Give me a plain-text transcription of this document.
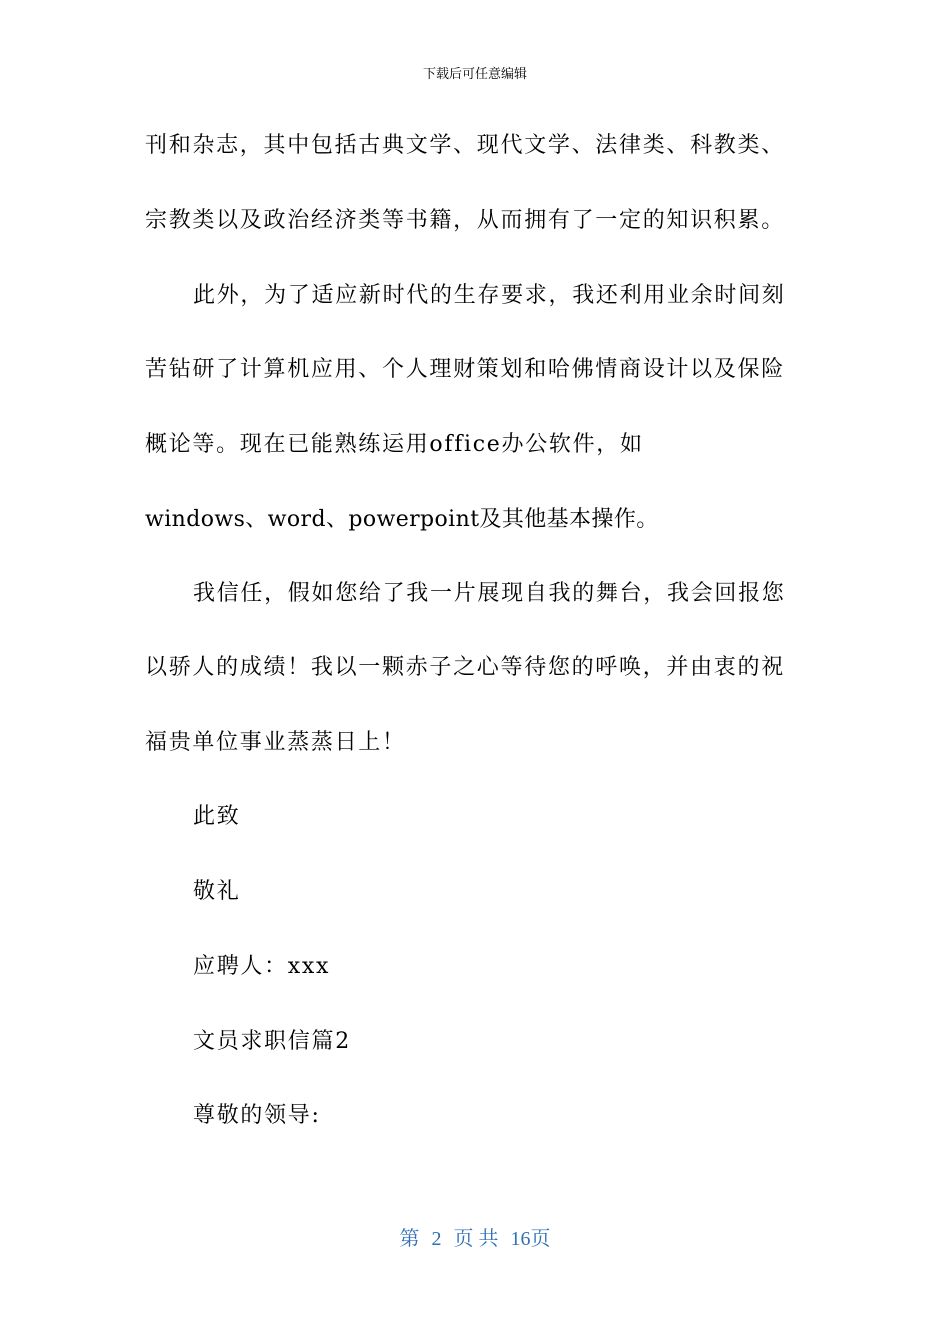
下载后可任意编辑
刊和杂志，其中包括古典文学、现代文学、法律类、科教类、
宗教类以及政治经济类等书籍，从而拥有了一定的知识积累。
此外，为了适应新时代的生存要求，我还利用业余时间刻
苦钻研了计算机应用、个人理财策划和哈佛情商设计以及保险
概论等。现在已能熟练运用office办公软件，如
windows、word、powerpoint及其他基本操作。
我信任，假如您给了我一片展现自我的舞台，我会回报您
以骄人的成绩！我以一颗赤子之心等待您的呼唤，并由衷的祝
福贵单位事业蒸蒸日上！
此致
敬礼
应聘人：xxx
文员求职信篇2
尊敬的领导:
第 2 页 共 16页
